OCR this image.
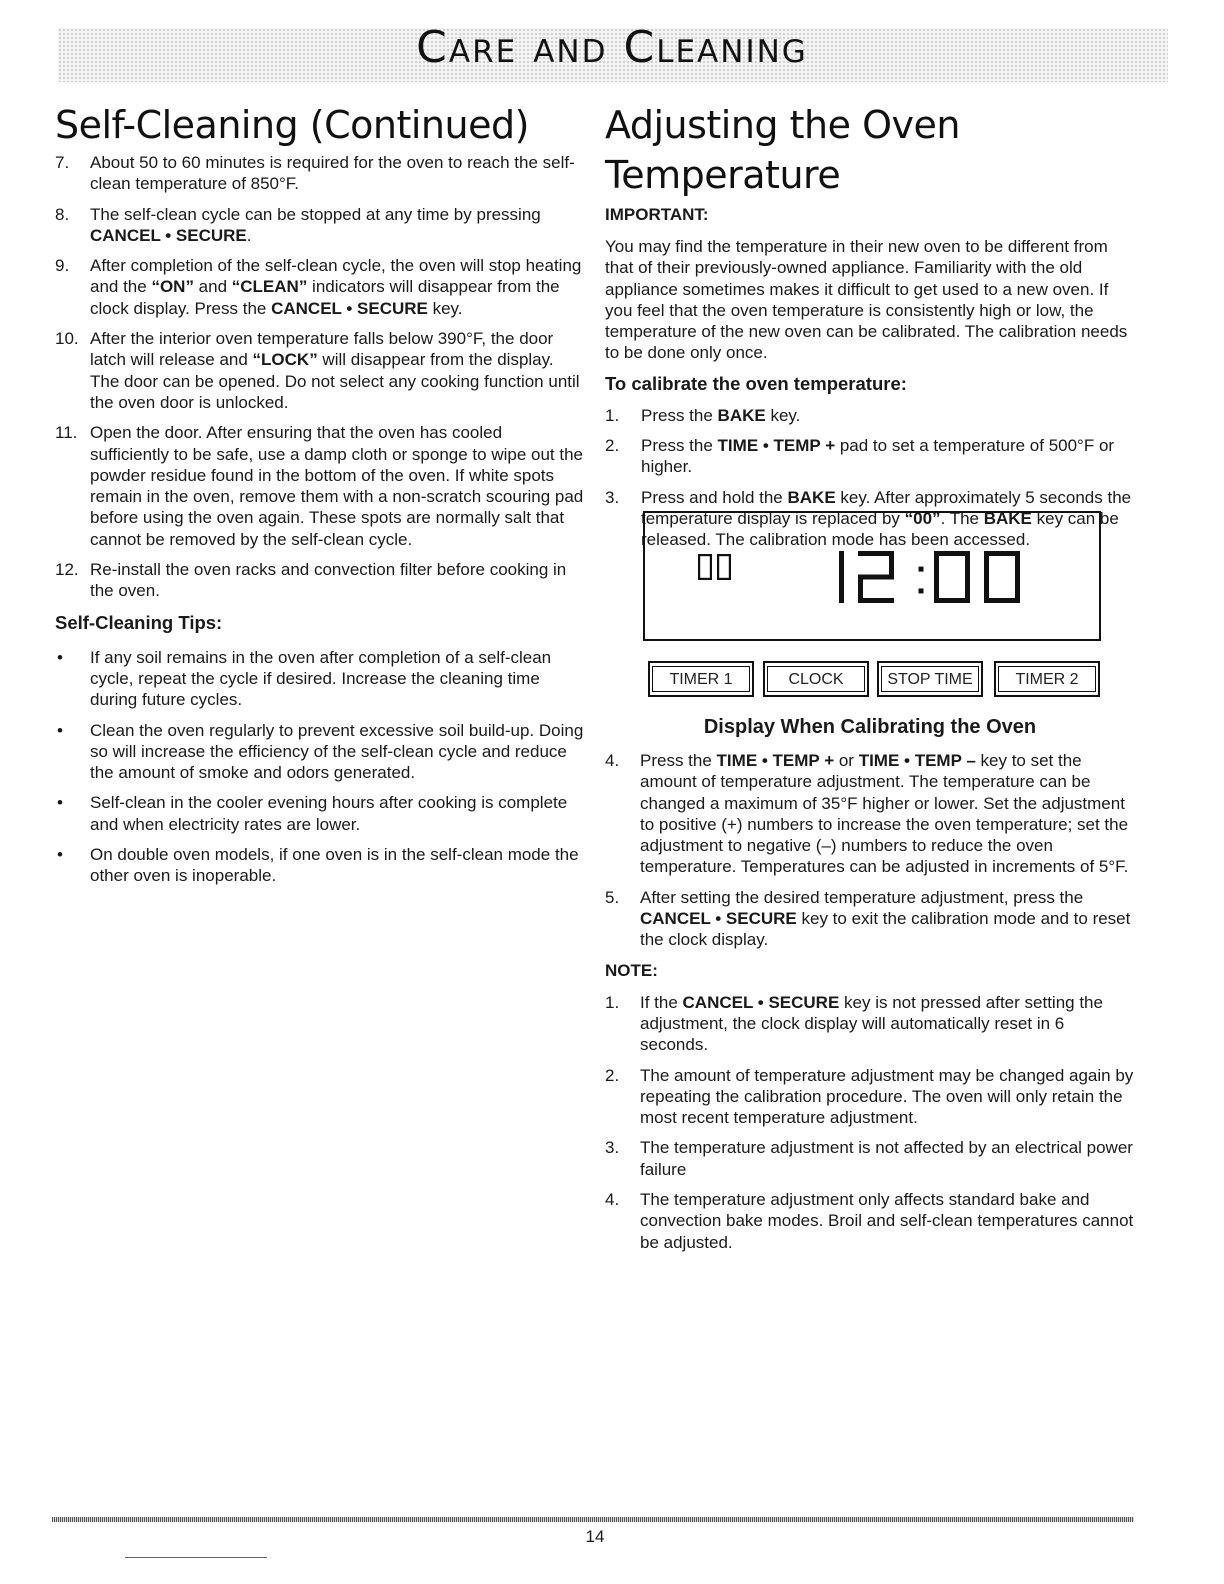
Care and Cleaning
Self-Cleaning (Continued)
7. About 50 to 60 minutes is required for the oven to reach the self-clean temperature of 850°F.
8. The self-clean cycle can be stopped at any time by pressing CANCEL • SECURE.
9. After completion of the self-clean cycle, the oven will stop heating and the “ON” and “CLEAN” indicators will disappear from the clock display. Press the CANCEL • SECURE key.
10. After the interior oven temperature falls below 390°F, the door latch will release and “LOCK” will disappear from the display. The door can be opened. Do not select any cooking function until the oven door is unlocked.
11. Open the door. After ensuring that the oven has cooled sufficiently to be safe, use a damp cloth or sponge to wipe out the powder residue found in the bottom of the oven. If white spots remain in the oven, remove them with a non-scratch scouring pad before using the oven again. These spots are normally salt that cannot be removed by the self-clean cycle.
12. Re-install the oven racks and convection filter before cooking in the oven.
Self-Cleaning Tips:
• If any soil remains in the oven after completion of a self-clean cycle, repeat the cycle if desired. Increase the cleaning time during future cycles.
• Clean the oven regularly to prevent excessive soil build-up. Doing so will increase the efficiency of the self-clean cycle and reduce the amount of smoke and odors generated.
• Self-clean in the cooler evening hours after cooking is complete and when electricity rates are lower.
• On double oven models, if one oven is in the self-clean mode the other oven is inoperable.
Adjusting the Oven Temperature
IMPORTANT:

You may find the temperature in their new oven to be different from that of their previously-owned appliance. Familiarity with the old appliance sometimes makes it difficult to get used to a new oven. If you feel that the oven temperature is consistently high or low, the temperature of the new oven can be calibrated. The calibration needs to be done only once.

To calibrate the oven temperature:
1. Press the BAKE key.
2. Press the TIME • TEMP + pad to set a temperature of 500°F or higher.
3. Press and hold the BAKE key. After approximately 5 seconds the temperature display is replaced by “00”. The BAKE key can be released. The calibration mode has been accessed.
TIMER 1	CLOCK	STOP TIME	TIMER 2
Display When Calibrating the Oven
4. Press the TIME • TEMP + or TIME • TEMP – key to set the amount of temperature adjustment. The temperature can be changed a maximum of 35°F higher or lower. Set the adjustment to positive (+) numbers to increase the oven temperature; set the adjustment to negative (–) numbers to reduce the oven temperature. Temperatures can be adjusted in increments of 5°F.
5. After setting the desired temperature adjustment, press the CANCEL • SECURE key to exit the calibration mode and to reset the clock display.
NOTE:
1. If the CANCEL • SECURE key is not pressed after setting the adjustment, the clock display will automatically reset in 6 seconds.
2. The amount of temperature adjustment may be changed again by repeating the calibration procedure. The oven will only retain the most recent temperature adjustment.
3. The temperature adjustment is not affected by an electrical power failure
4. The temperature adjustment only affects standard bake and convection bake modes. Broil and self-clean temperatures cannot be adjusted.
14
